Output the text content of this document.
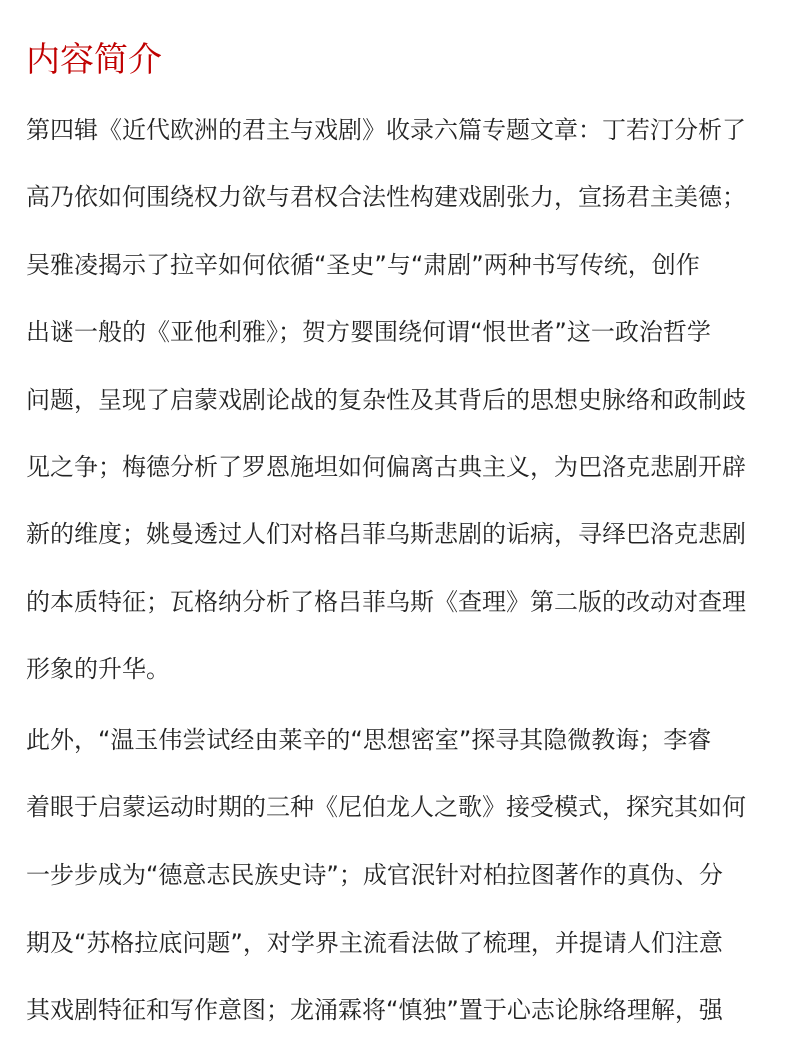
内容简介

第四辑《近代欧洲的君主与戏剧》收录六篇专题文章：丁若汀分析了

高乃依如何围绕权力欲与君权合法性构建戏剧张力，宣扬君主美德；

吴雅凌揭示了拉辛如何依循“圣史”与“肃剧”两种书写传统，创作

出谜一般的《亚他利雅》；贺方婴围绕何谓“恨世者”这一政治哲学

问题，呈现了启蒙戏剧论战的复杂性及其背后的思想史脉络和政制歧

见之争；梅德分析了罗恩施坦如何偏离古典主义，为巴洛克悲剧开辟

新的维度；姚曼透过人们对格吕菲乌斯悲剧的诟病，寻绎巴洛克悲剧

的本质特征；瓦格纳分析了格吕菲乌斯《查理》第二版的改动对查理

形象的升华。

此外，“温玉伟尝试经由莱辛的“思想密室”探寻其隐微教诲；李睿

着眼于启蒙运动时期的三种《尼伯龙人之歌》接受模式，探究其如何

一步步成为“德意志民族史诗”；成官泯针对柏拉图著作的真伪、分

期及“苏格拉底问题”，对学界主流看法做了梳理，并提请人们注意

其戏剧特征和写作意图；龙涌霖将“慎独”置于心志论脉络理解，强
